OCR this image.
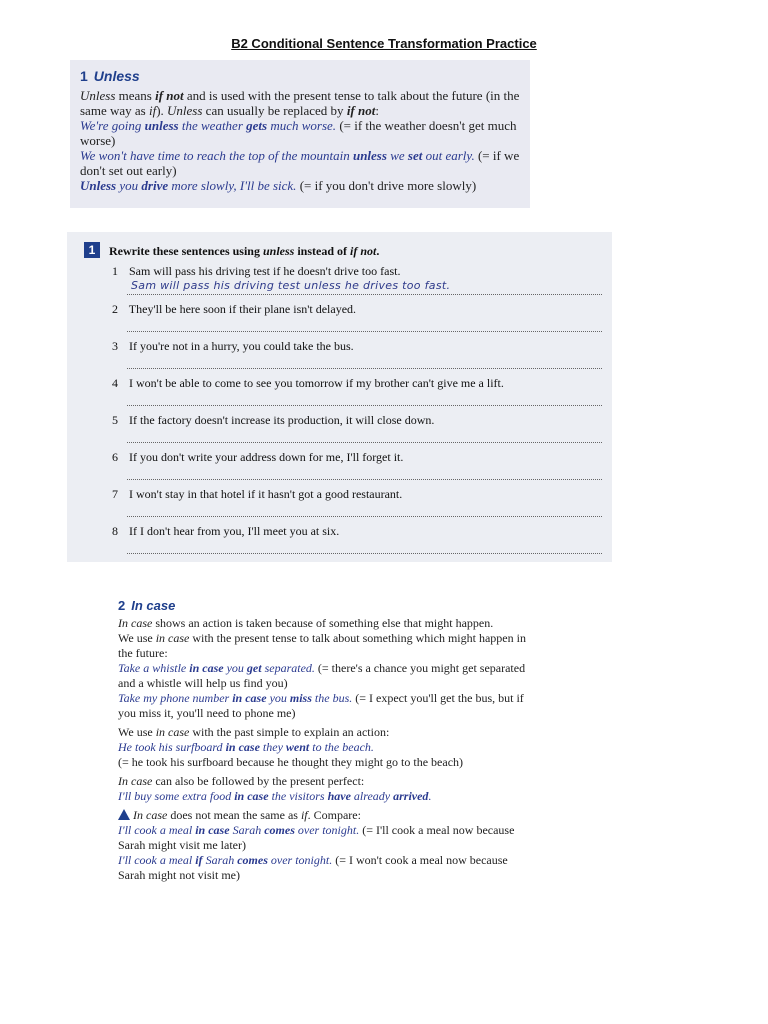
B2 Conditional Sentence Transformation Practice
1 Unless
Unless means if not and is used with the present tense to talk about the future (in the same way as if). Unless can usually be replaced by if not:
We're going unless the weather gets much worse. (= if the weather doesn't get much worse)
We won't have time to reach the top of the mountain unless we set out early. (= if we don't set out early)
Unless you drive more slowly, I'll be sick. (= if you don't drive more slowly)
1	Rewrite these sentences using unless instead of if not.
1 Sam will pass his driving test if he doesn't drive too fast.
Sam will pass his driving test unless he drives too fast.
2 They'll be here soon if their plane isn't delayed.
3 If you're not in a hurry, you could take the bus.
4 I won't be able to come to see you tomorrow if my brother can't give me a lift.
5 If the factory doesn't increase its production, it will close down.
6 If you don't write your address down for me, I'll forget it.
7 I won't stay in that hotel if it hasn't got a good restaurant.
8 If I don't hear from you, I'll meet you at six.
2 In case
In case shows an action is taken because of something else that might happen.
We use in case with the present tense to talk about something which might happen in the future:
Take a whistle in case you get separated. (= there's a chance you might get separated and a whistle will help us find you)
Take my phone number in case you miss the bus. (= I expect you'll get the bus, but if you miss it, you'll need to phone me)
We use in case with the past simple to explain an action:
He took his surfboard in case they went to the beach.
(= he took his surfboard because he thought they might go to the beach)
In case can also be followed by the present perfect:
I'll buy some extra food in case the visitors have already arrived.
In case does not mean the same as if. Compare:
I'll cook a meal in case Sarah comes over tonight. (= I'll cook a meal now because Sarah might visit me later)
I'll cook a meal if Sarah comes over tonight. (= I won't cook a meal now because Sarah might not visit me)
